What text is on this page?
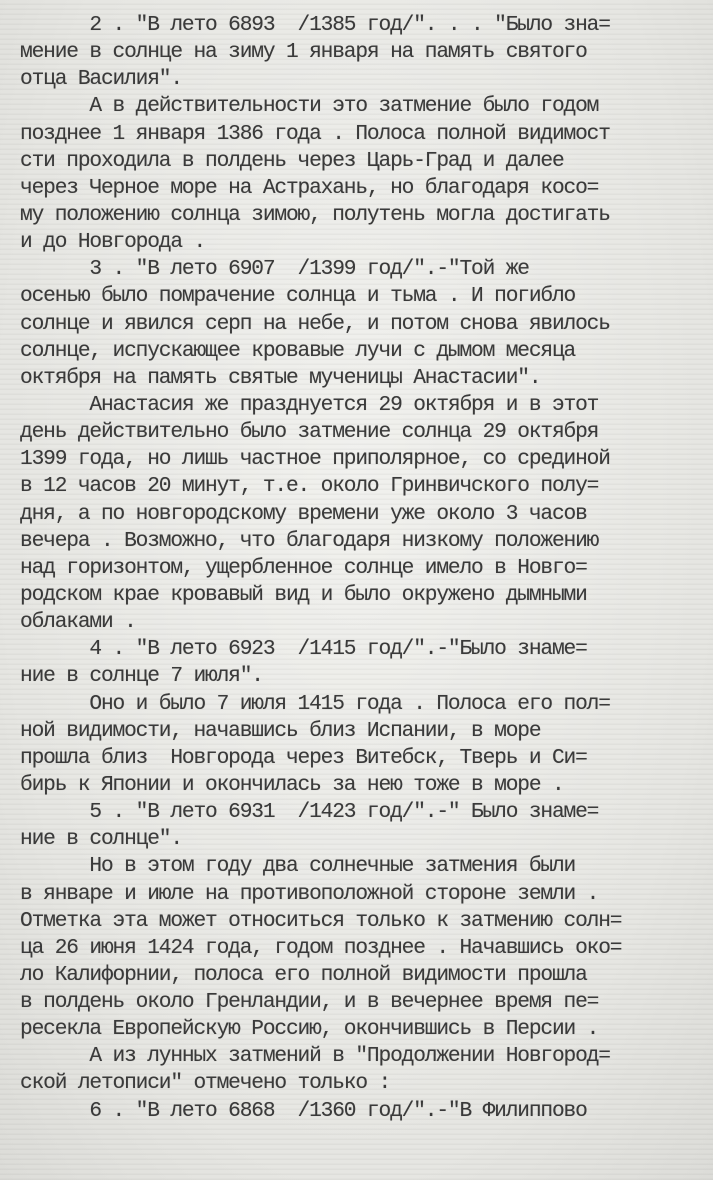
2 . "В лето 6893  /1385 год/". . . "Было зна=
мение в солнце на зиму 1 января на память святого
отца Василия".
А в действительности это затмение было годом
позднее 1 января 1386 года . Полоса полной видимост
сти проходила в полдень через Царь-Град и далее
через Черное море на Астрахань, но благодаря косо=
му положению солнца зимою, полутень могла достигать
и до Новгорода .
3 . "В лето 6907  /1399 год/".-"Той же
осенью было помрачение солнца и тьма . И погибло
солнце и явился серп на небе, и потом снова явилось
солнце, испускающее кровавые лучи с дымом месяца
октября на память святые мученицы Анастасии".
Анастасия же празднуется 29 октября и в этот
день действительно было затмение солнца 29 октября
1399 года, но лишь частное приполярное, со срединой
в 12 часов 20 минут, т.е. около Гринвичского полу=
дня, а по новгородскому времени уже около 3 часов
вечера . Возможно, что благодаря низкому положению
над горизонтом, ущербленное солнце имело в Новго=
родском крае кровавый вид и было окружено дымными
облаками .
4 . "В лето 6923  /1415 год/".-"Было знаме=
ние в солнце 7 июля".
Оно и было 7 июля 1415 года . Полоса его пол=
ной видимости, начавшись близ Испании, в море
прошла близ  Новгорода через Витебск, Тверь и Си=
бирь к Японии и окончилась за нею тоже в море .
5 . "В лето 6931  /1423 год/".-" Было знаме=
ние в солнце".
Но в этом году два солнечные затмения были
в январе и июле на противоположной стороне земли .
Отметка эта может относиться только к затмению солн=
ца 26 июня 1424 года, годом позднее . Начавшись око=
ло Калифорнии, полоса его полной видимости прошла
в полдень около Гренландии, и в вечернее время пе=
ресекла Европейскую Россию, окончившись в Персии .
А из лунных затмений в "Продолжении Новгород=
ской летописи" отмечено только :
6 . "В лето 6868  /1360 год/".-"В Филиппово
